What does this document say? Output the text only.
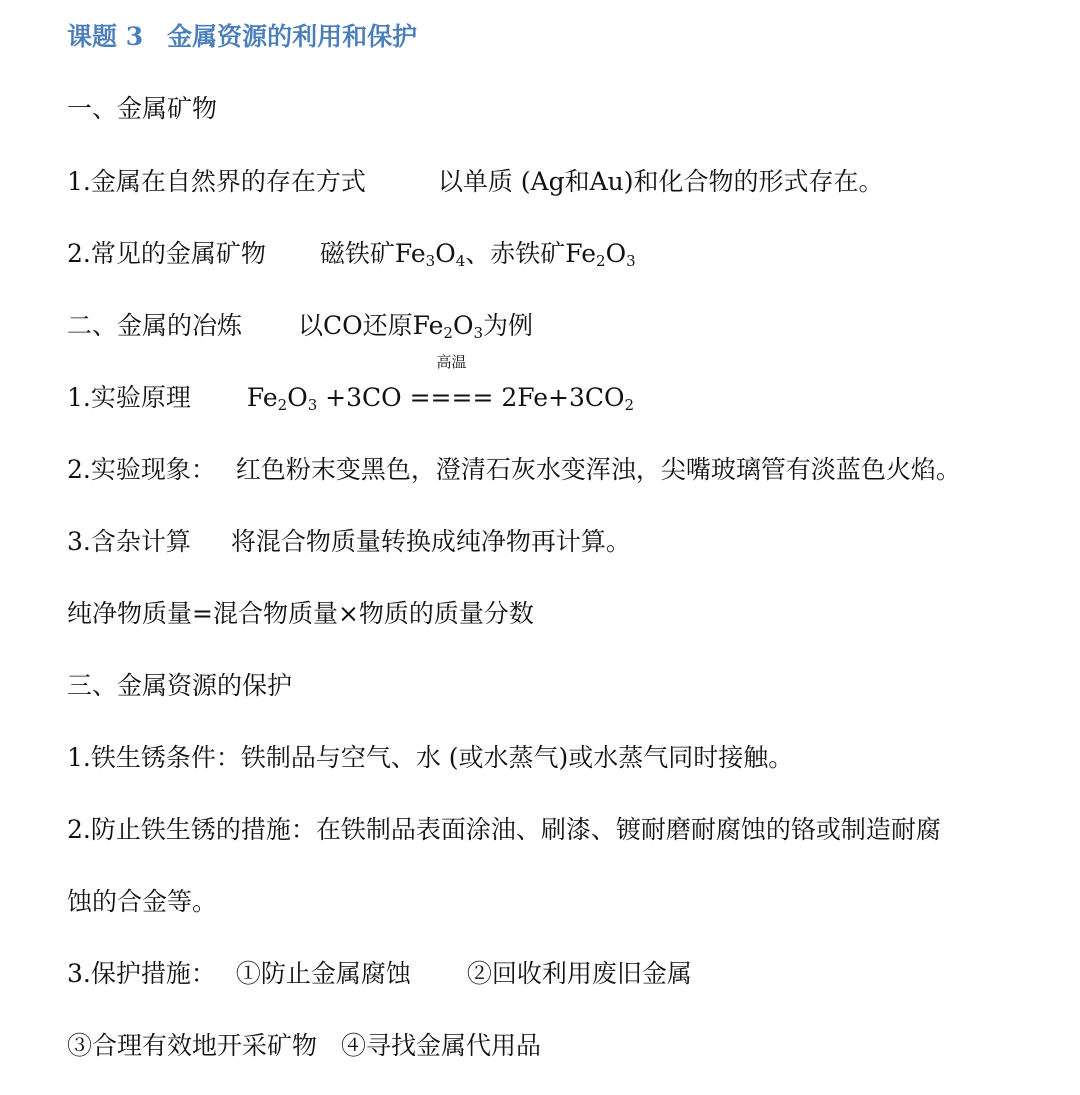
课题 3 金属资源的利用和保护
一、金属矿物
1.金属在自然界的存在方式	以单质 (Ag和Au)和化合物的形式存在。
2.常见的金属矿物 磁铁矿$Fe_3O_4$、赤铁矿$Fe_2O_3$
二、金属的冶炼 以CO还原$Fe_2O_3$为例
1.实验原理 $Fe_2O_3 +3CO$
高温
==== $2Fe+3CO_2$
2.实验现象： 红色粉末变黑色，澄清石灰水变浑浊，尖嘴玻璃管有淡蓝色火焰。
3.含杂计算 将混合物质量转换成纯净物再计算。
纯净物质量=混合物质量×物质的质量分数
三、金属资源的保护
1.铁生锈条件：铁制品与空气、水 (或水蒸气)或水蒸气同时接触。
2.防止铁生锈的措施：在铁制品表面涂油、刷漆、镀耐磨耐腐蚀的铬或制造耐腐
蚀的合金等。
3.保护措施： ①防止金属腐蚀 ②回收利用废旧金属
③合理有效地开采矿物 ④寻找金属代用品
